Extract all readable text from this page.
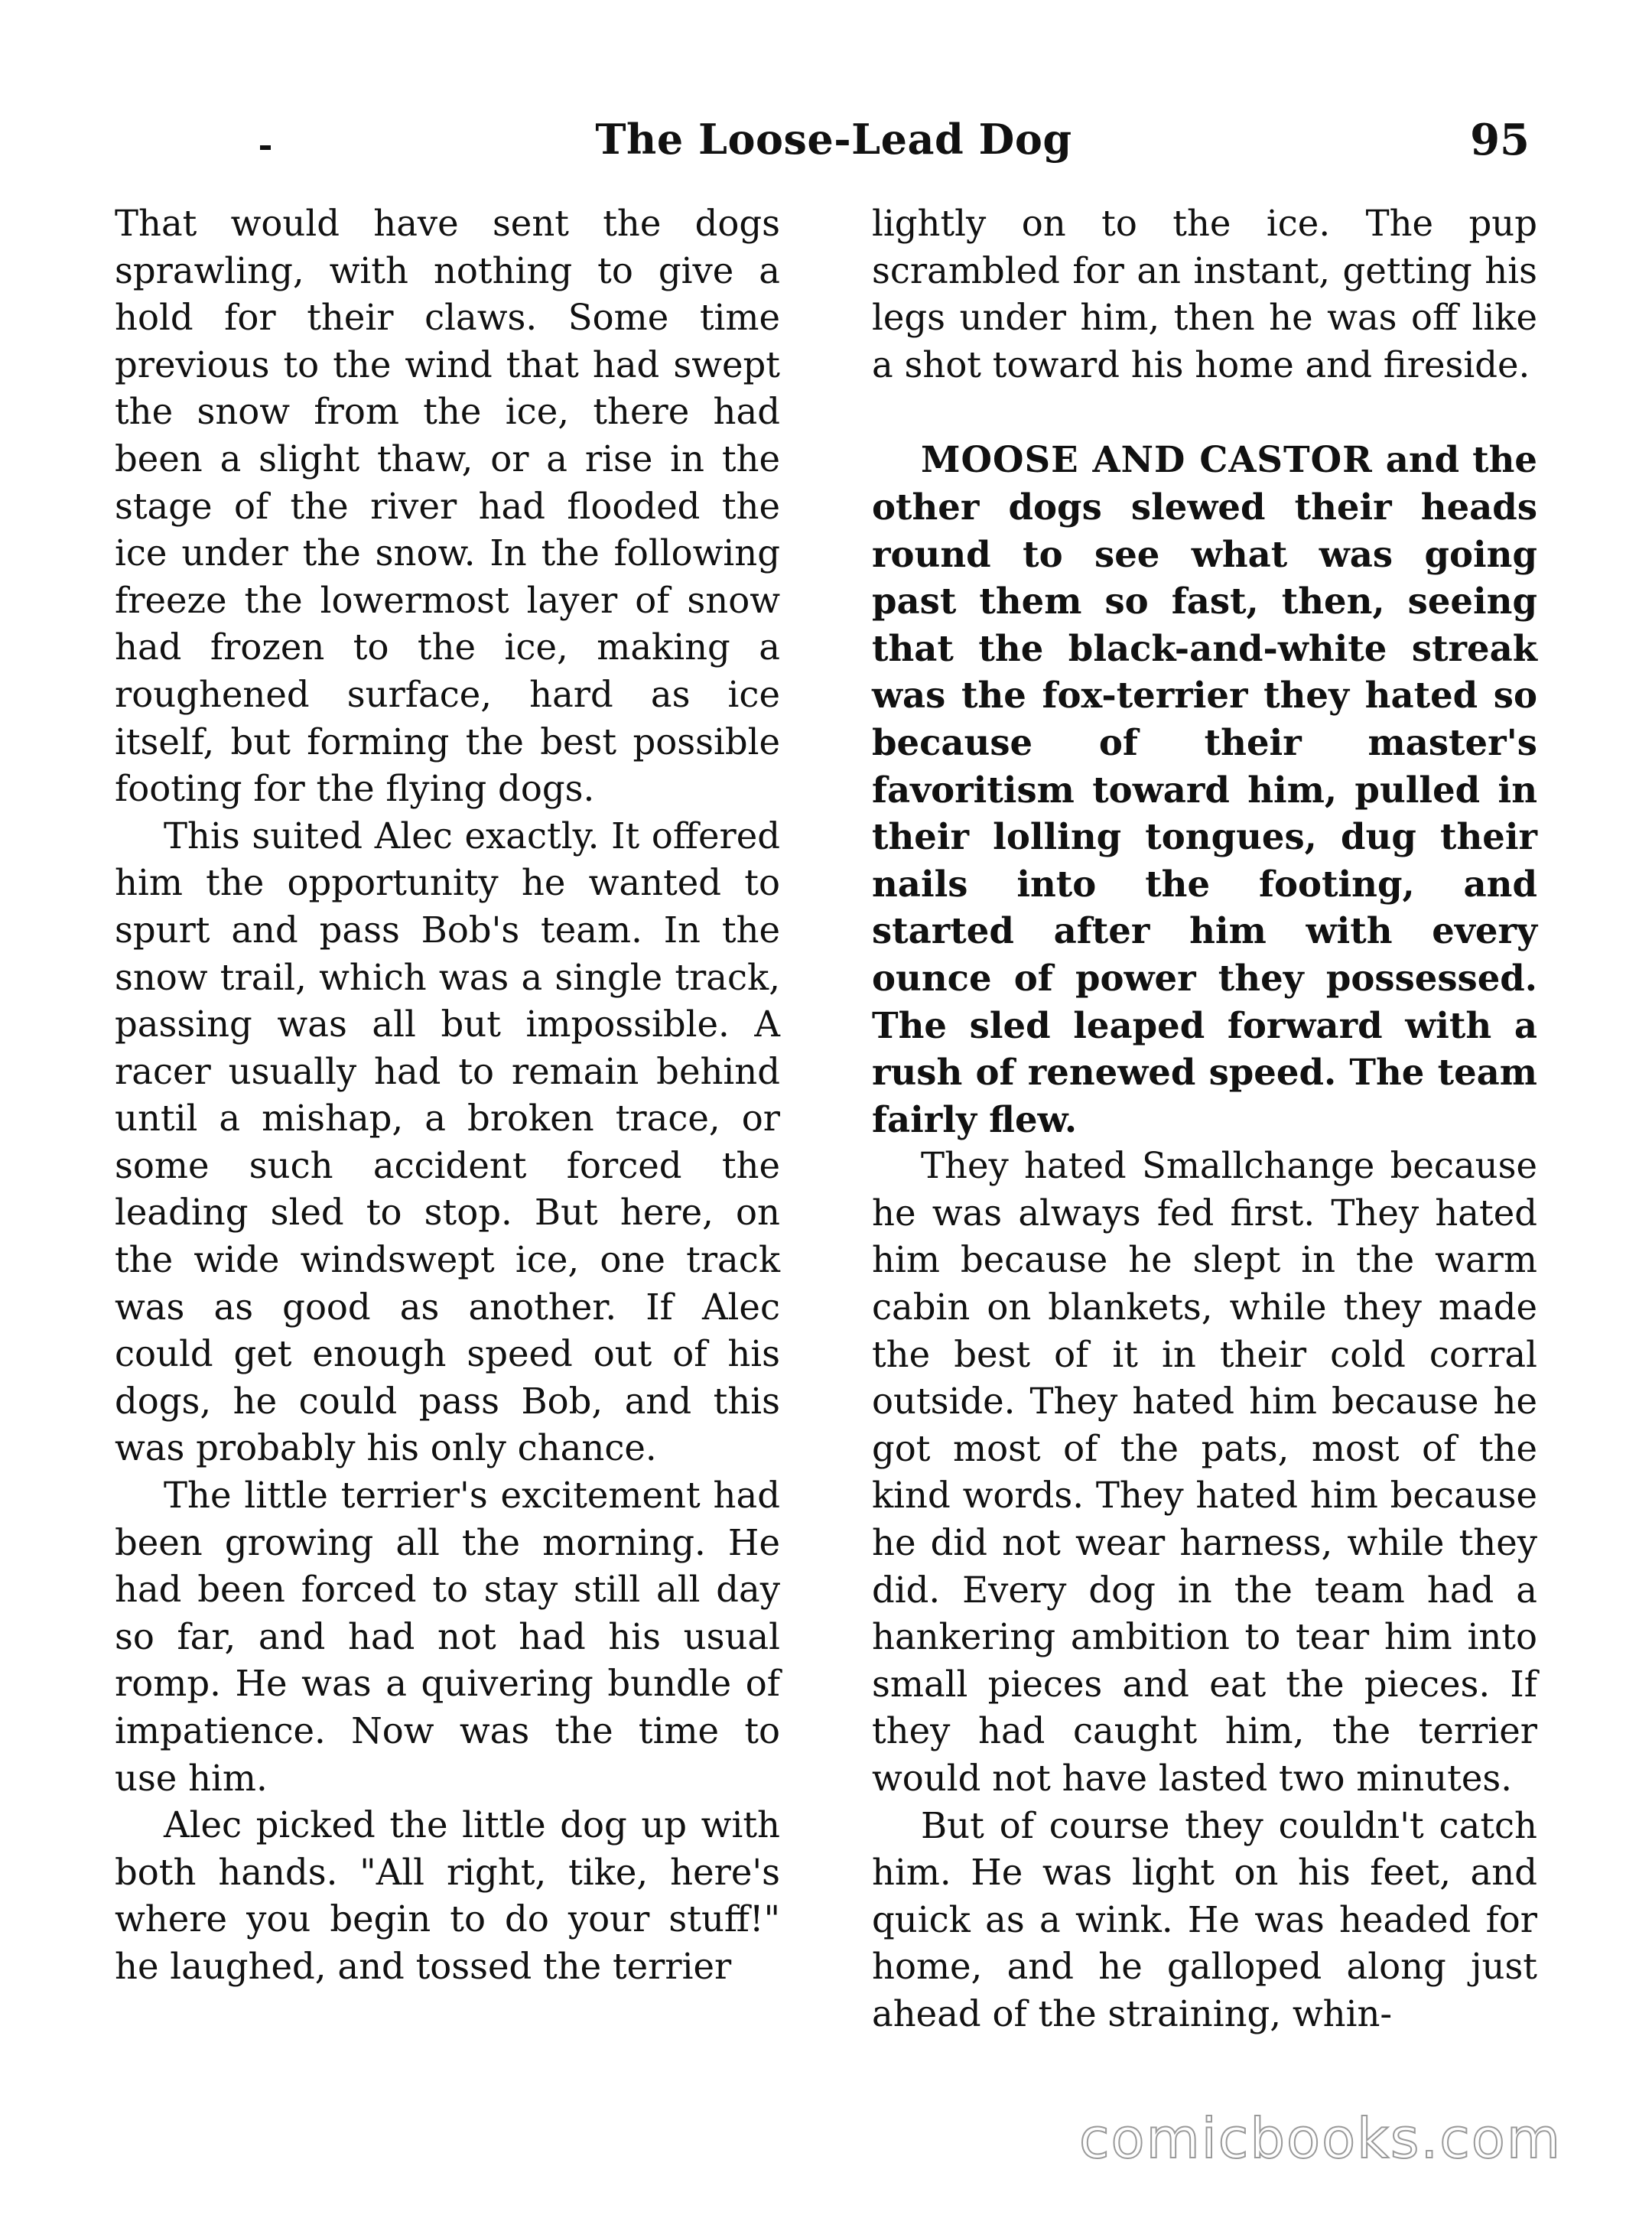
The Loose-Lead Dog	95

That would have sent the dogs sprawling, with nothing to give a hold for their claws. Some time previous to the wind that had swept the snow from the ice, there had been a slight thaw, or a rise in the stage of the river had flooded the ice under the snow. In the following freeze the lowermost layer of snow had frozen to the ice, making a roughened surface, hard as ice itself, but forming the best possible footing for the flying dogs.

This suited Alec exactly. It offered him the opportunity he wanted to spurt and pass Bob's team. In the snow trail, which was a single track, passing was all but impossible. A racer usually had to remain behind until a mishap, a broken trace, or some such accident forced the leading sled to stop. But here, on the wide windswept ice, one track was as good as another. If Alec could get enough speed out of his dogs, he could pass Bob, and this was probably his only chance.

The little terrier's excitement had been growing all the morning. He had been forced to stay still all day so far, and had not had his usual romp. He was a quivering bundle of impatience. Now was the time to use him.

Alec picked the little dog up with both hands. "All right, tike, here's where you begin to do your stuff!" he laughed, and tossed the terrier

lightly on to the ice. The pup scrambled for an instant, getting his legs under him, then he was off like a shot toward his home and fireside.

MOOSE AND CASTOR and the other dogs slewed their heads round to see what was going past them so fast, then, seeing that the black-and-white streak was the fox-terrier they hated so because of their master's favoritism toward him, pulled in their lolling tongues, dug their nails into the footing, and started after him with every ounce of power they possessed. The sled leaped forward with a rush of renewed speed. The team fairly flew.

They hated Smallchange because he was always fed first. They hated him because he slept in the warm cabin on blankets, while they made the best of it in their cold corral outside. They hated him because he got most of the pats, most of the kind words. They hated him because he did not wear harness, while they did. Every dog in the team had a hankering ambition to tear him into small pieces and eat the pieces. If they had caught him, the terrier would not have lasted two minutes.

But of course they couldn't catch him. He was light on his feet, and quick as a wink. He was headed for home, and he galloped along just ahead of the straining, whin-

comicbooks.com
